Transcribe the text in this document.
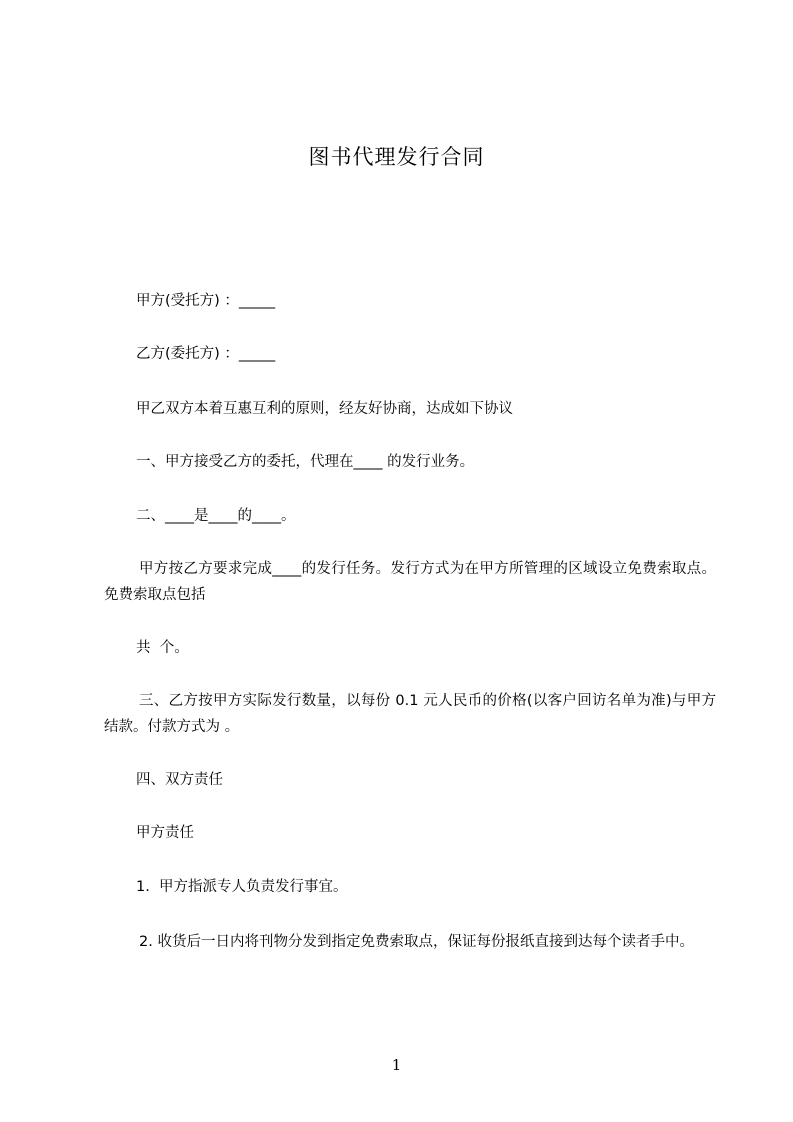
图书代理发行合同
甲方(受托方) ：_____
乙方(委托方) ：_____
甲乙双方本着互惠互利的原则，经友好协商，达成如下协议
一、甲方接受乙方的委托，代理在____ 的发行业务。
二、____是____的____。
甲方按乙方要求完成____的发行任务。发行方式为在甲方所管理的区域设立免费索取点。免费索取点包括
共  个。
三、乙方按甲方实际发行数量，以每份 0.1 元人民币的价格(以客户回访名单为准)与甲方结款。付款方式为 。
四、双方责任
甲方责任
1.  甲方指派专人负责发行事宜。
2. 收货后一日内将刊物分发到指定免费索取点，保证每份报纸直接到达每个读者手中。
1
